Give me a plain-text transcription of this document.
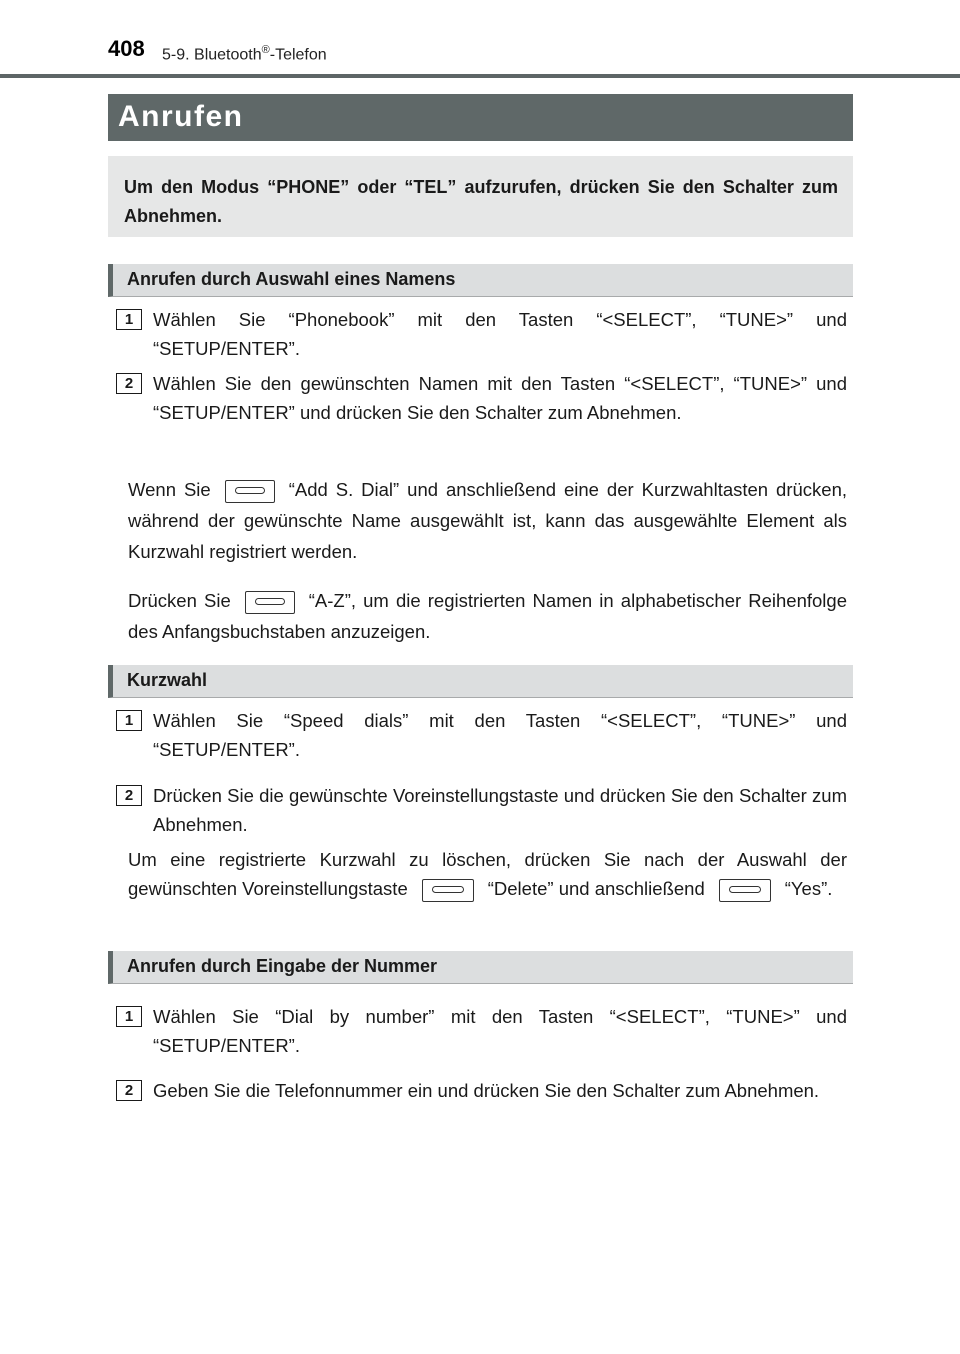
408 5-9. Bluetooth®-Telefon
Anrufen
Um den Modus “PHONE” oder “TEL” aufzurufen, drücken Sie den Schalter zum Abnehmen.
Anrufen durch Auswahl eines Namens
1	Wählen Sie “Phonebook” mit den Tasten “<SELECT”, “TUNE>” und “SETUP/ENTER”.
2	Wählen Sie den gewünschten Namen mit den Tasten “<SELECT”, “TUNE>” und “SETUP/ENTER” und drücken Sie den Schalter zum Abnehmen.
Wenn Sie	“Add S. Dial” und anschließend eine der Kurzwahltasten drücken, während der gewünschte Name ausgewählt ist, kann das ausgewählte Element als Kurzwahl registriert werden.
Drücken Sie	“A-Z”, um die registrierten Namen in alphabetischer Reihenfolge des Anfangsbuchstaben anzuzeigen.
Kurzwahl
1	Wählen Sie “Speed dials” mit den Tasten “<SELECT”, “TUNE>” und “SETUP/ENTER”.
2	Drücken Sie die gewünschte Voreinstellungstaste und drücken Sie den Schalter zum Abnehmen.
Um eine registrierte Kurzwahl zu löschen, drücken Sie nach der Auswahl der gewünschten Voreinstellungstaste	“Delete” und anschließend	“Yes”.
Anrufen durch Eingabe der Nummer
1	Wählen Sie “Dial by number” mit den Tasten “<SELECT”, “TUNE>” und “SETUP/ENTER”.
2	Geben Sie die Telefonnummer ein und drücken Sie den Schalter zum Abnehmen.
